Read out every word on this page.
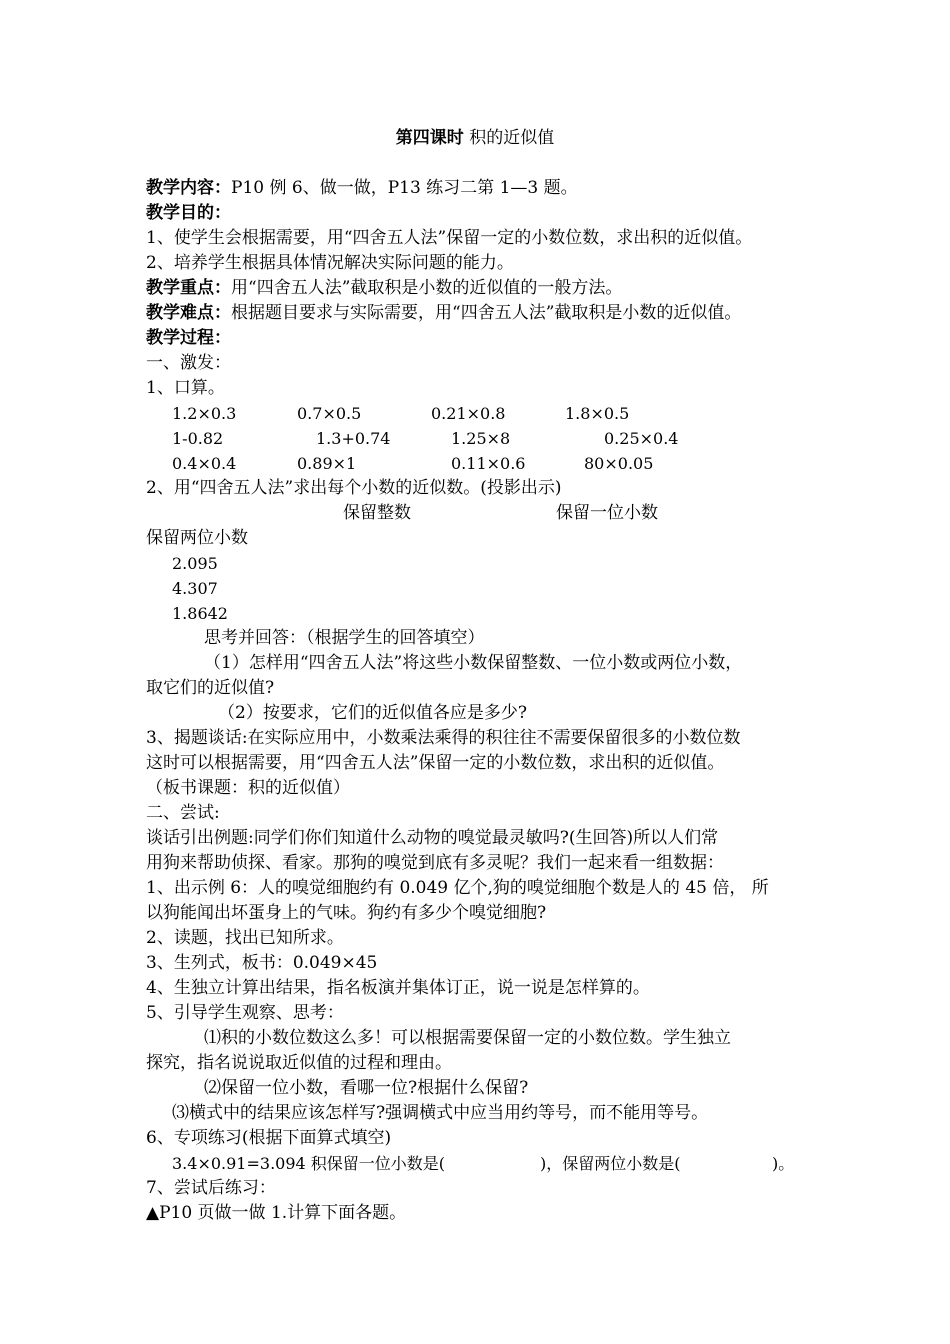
第四课时 积的近似值
教学内容：P10 例 6、做一做，P13 练习二第 1—3 题。
教学目的：
1、使学生会根据需要，用“四舍五人法”保留一定的小数位数，求出积的近似值。
2、培养学生根据具体情况解决实际问题的能力。
教学重点：用“四舍五人法”截取积是小数的近似值的一般方法。
教学难点：根据题目要求与实际需要，用“四舍五人法”截取积是小数的近似值。
教学过程：
一、激发：
1、口算。
1.2×0.3	0.7×0.5	0.21×0.8	1.8×0.5
1-0.82	1.3+0.74	1.25×8	0.25×0.4
0.4×0.4	0.89×1	0.11×0.6	80×0.05
2、用“四舍五人法”求出每个小数的近似数。(投影出示)
保留整数	保留一位小数
保留两位小数
2.095
4.307
1.8642
思考并回答：（根据学生的回答填空）
（1）怎样用“四舍五人法”将这些小数保留整数、一位小数或两位小数，
取它们的近似值?
（2）按要求，它们的近似值各应是多少?
3、揭题谈话:在实际应用中，小数乘法乘得的积往往不需要保留很多的小数位数
这时可以根据需要，用“四舍五人法”保留一定的小数位数，求出积的近似值。
（板书课题：积的近似值）
二、尝试:
谈话引出例题:同学们你们知道什么动物的嗅觉最灵敏吗?(生回答)所以人们常
用狗来帮助侦探、看家。那狗的嗅觉到底有多灵呢？我们一起来看一组数据：
1、出示例 6：人的嗅觉细胞约有 0.049 亿个,狗的嗅觉细胞个数是人的 45 倍， 所
以狗能闻出坏蛋身上的气味。狗约有多少个嗅觉细胞?
2、读题，找出已知所求。
3、生列式，板书：0.049×45
4、生独立计算出结果，指名板演并集体订正，说一说是怎样算的。
5、引导学生观察、思考：
⑴积的小数位数这么多！可以根据需要保留一定的小数位数。学生独立
探究，指名说说取近似值的过程和理由。
⑵保留一位小数，看哪一位?根据什么保留?
⑶横式中的结果应该怎样写?强调横式中应当用约等号，而不能用等号。
6、专项练习(根据下面算式填空)
3.4×0.91=3.094 积保留一位小数是(	)，保留两位小数是(	)。
7、尝试后练习：
▲P10 页做一做 1.计算下面各题。
